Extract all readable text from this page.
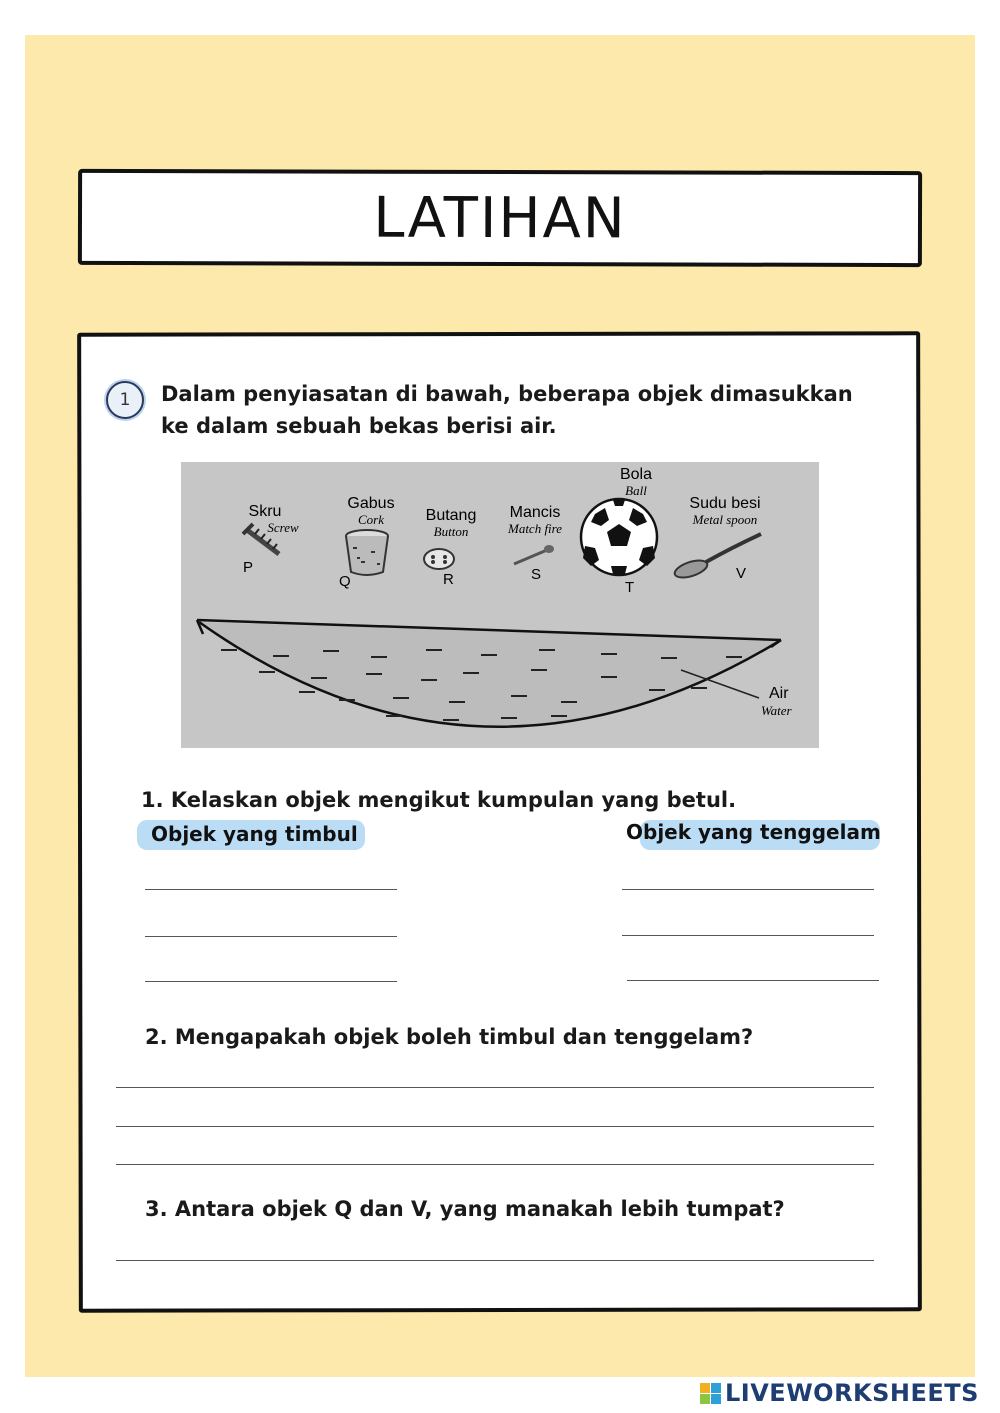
LATIHAN
1 Dalam penyiasatan di bawah, beberapa objek dimasukkan
ke dalam sebuah bekas berisi air.
Skru
Screw
P
Gabus
Cork
Q
Butang
Button
R
Mancis
Match fire
S
Bola
Ball
T
Sudu besi
Metal spoon
V
Air
Water
1. Kelaskan objek mengikut kumpulan yang betul.
Objek yang timbul	Objek yang tenggelam
2. Mengapakah objek boleh timbul dan tenggelam?
3. Antara objek Q dan V, yang manakah lebih tumpat?
LIVEWORKSHEETS
